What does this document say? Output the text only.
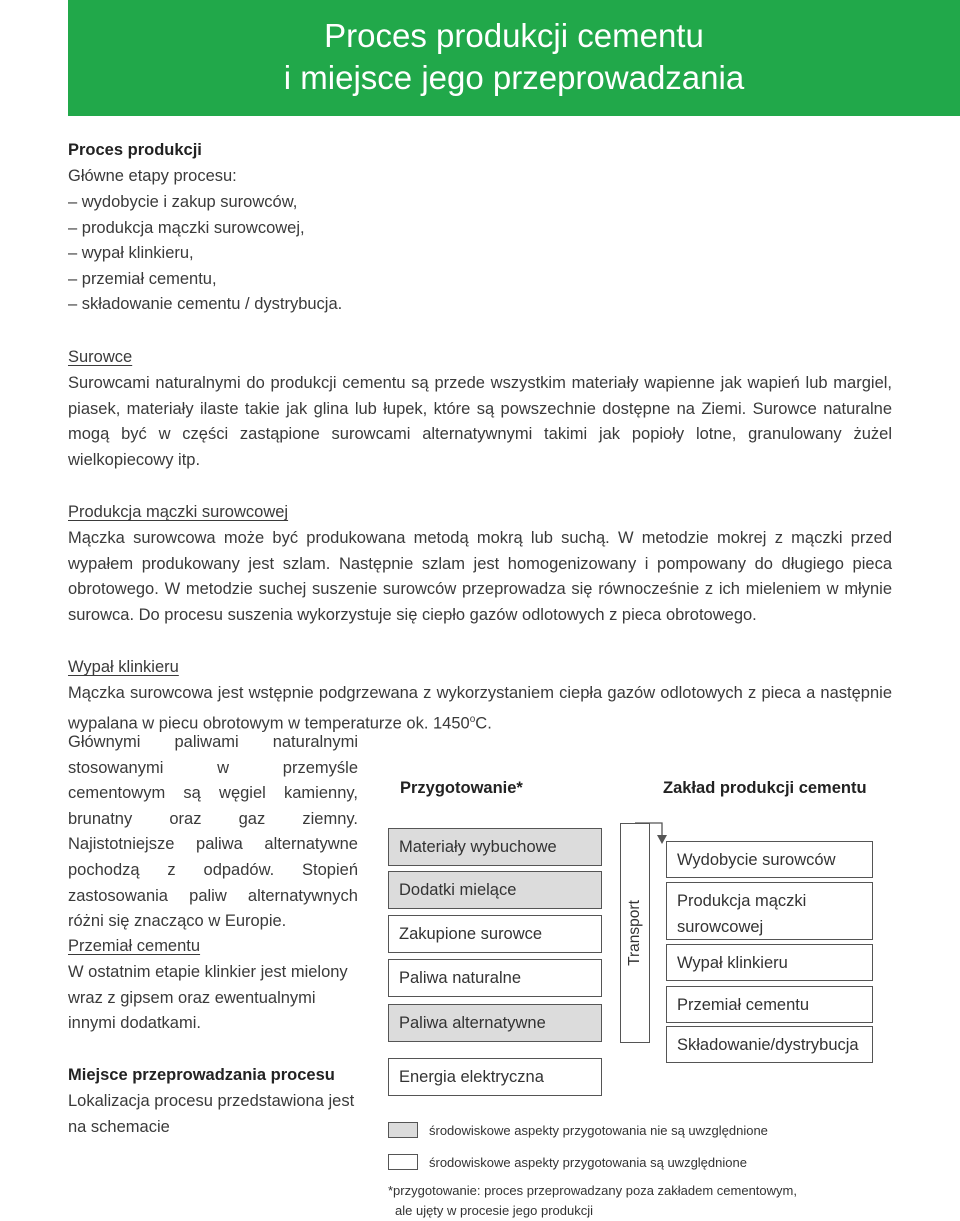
Proces produkcji cementu
i miejsce jego przeprowadzania
Proces produkcji
Główne etapy procesu:
– wydobycie i zakup surowców,
– produkcja mączki surowcowej,
– wypał klinkieru,
– przemiał cementu,
– składowanie cementu / dystrybucja.
Surowce

Surowcami naturalnymi do produkcji cementu są przede wszystkim materiały wapienne jak wapień lub margiel, piasek, materiały ilaste takie jak glina lub łupek, które są powszechnie dostępne na Ziemi. Surowce naturalne mogą być w części zastąpione surowcami alternatywnymi takimi jak popioły lotne, granulowany żużel wielkopiecowy itp.

Produkcja mączki surowcowej

Mączka surowcowa może być produkowana metodą mokrą lub suchą. W metodzie mokrej z mączki przed wypałem produkowany jest szlam. Następnie szlam jest homogenizowany i pompowany do długiego pieca obrotowego. W metodzie suchej suszenie surowców przeprowadza się równocześnie z ich mieleniem w młynie surowca. Do procesu suszenia wykorzystuje się ciepło gazów odlotowych z pieca obrotowego.

Wypał klinkieru

Mączka surowcowa jest wstępnie podgrzewana z wykorzystaniem ciepła gazów odlotowych z pieca a następnie wypalana w piecu obrotowym w temperaturze ok. 1450$^o$C.

Głównymi paliwami naturalnymi stosowanymi w przemyśle cementowym są węgiel kamienny, brunatny oraz gaz ziemny. Najistotniejsze paliwa alternatywne pochodzą z odpadów. Stopień zastosowania paliw alternatywnych różni się znacząco w Europie.

Przemiał cementu

W ostatnim etapie klinkier jest mielony wraz z gipsem oraz ewentualnymi innymi dodatkami.

Miejsce przeprowadzania procesu

Lokalizacja procesu przedstawiona jest na schemacie

Przygotowanie*	Zakład produkcji cementu
Materiały wybuchowe
Dodatki mielące
Zakupione surowce
Paliwa naturalne
Paliwa alternatywne
Energia elektryczna
Transport
Wydobycie surowców
Produkcja mączki surowcowej
Wypał klinkieru
Przemiał cementu
Składowanie/dystrybucja
środowiskowe aspekty przygotowania nie są uwzględnione
środowiskowe aspekty przygotowania są uwzględnione
*przygotowanie: proces przeprowadzany poza zakładem cementowym,
ale ujęty w procesie jego produkcji
